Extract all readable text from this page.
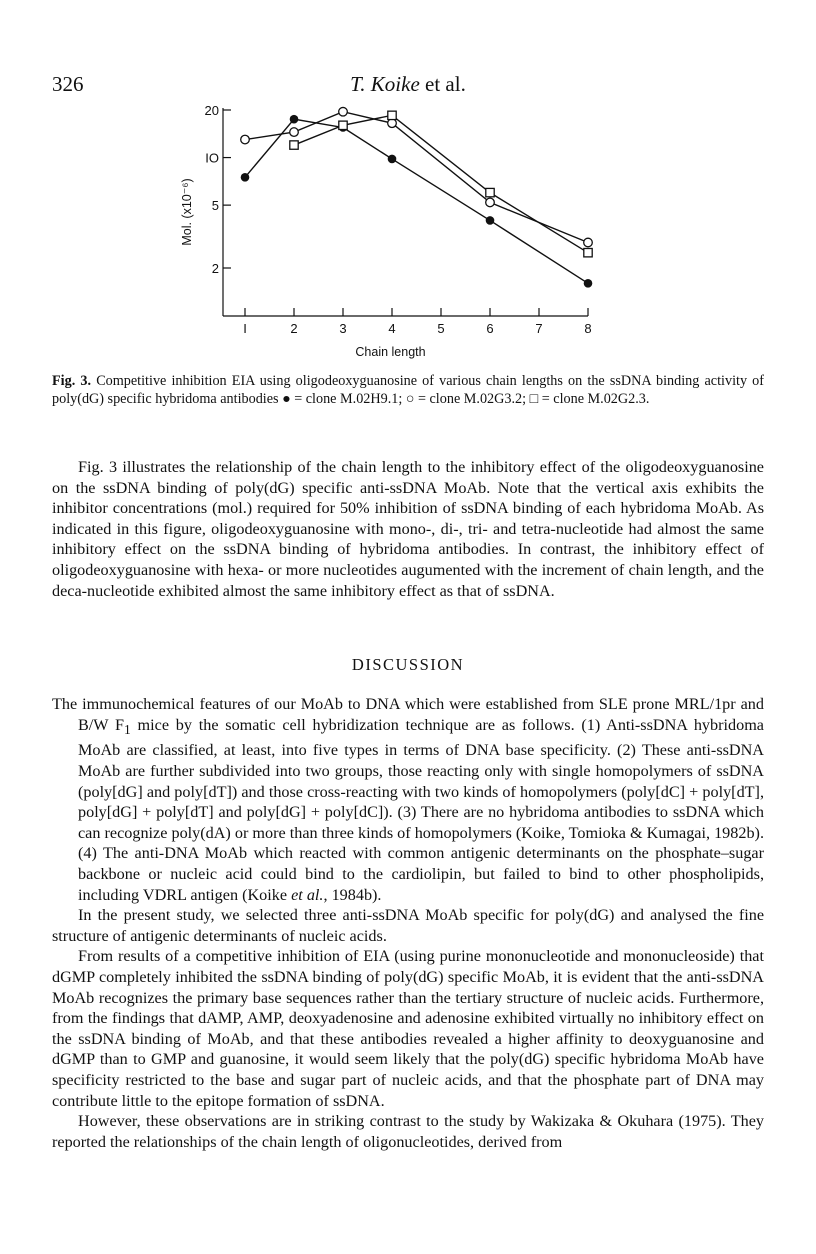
326	T. Koike et al.
2
5
IO
20
I	2	3	4	5	6	7	8
Chain length
Mol. (x10⁻⁶)
Fig. 3. Competitive inhibition EIA using oligodeoxyguanosine of various chain lengths on the ssDNA binding activity of poly(dG) specific hybridoma antibodies ● = clone M.02H9.1; ○ = clone M.02G3.2; □ = clone M.02G2.3.

Fig. 3 illustrates the relationship of the chain length to the inhibitory effect of the oligodeoxyguanosine on the ssDNA binding of poly(dG) specific anti-ssDNA MoAb. Note that the vertical axis exhibits the inhibitor concentrations (mol.) required for 50% inhibition of ssDNA binding of each hybridoma MoAb. As indicated in this figure, oligodeoxyguanosine with mono-, di-, tri- and tetra-nucleotide had almost the same inhibitory effect on the ssDNA binding of hybridoma antibodies. In contrast, the inhibitory effect of oligodeoxyguanosine with hexa- or more nucleotides augumented with the increment of chain length, and the deca-nucleotide exhibited almost the same inhibitory effect as that of ssDNA.

DISCUSSION

The immunochemical features of our MoAb to DNA which were established from SLE prone MRL/1pr and B/W $F_1$ mice by the somatic cell hybridization technique are as follows. (1) Anti-ssDNA hybridoma MoAb are classified, at least, into five types in terms of DNA base specificity. (2) These anti-ssDNA MoAb are further subdivided into two groups, those reacting only with single homopolymers of ssDNA (poly[dG] and poly[dT]) and those cross-reacting with two kinds of homopolymers (poly[dC] + poly[dT], poly[dG] + poly[dT] and poly[dG] + poly[dC]). (3) There are no hybridoma antibodies to ssDNA which can recognize poly(dA) or more than three kinds of homopolymers (Koike, Tomioka & Kumagai, 1982b). (4) The anti-DNA MoAb which reacted with common antigenic determinants on the phosphate–sugar backbone or nucleic acid could bind to the cardiolipin, but failed to bind to other phospholipids, including VDRL antigen (Koike et al., 1984b).

In the present study, we selected three anti-ssDNA MoAb specific for poly(dG) and analysed the fine structure of antigenic determinants of nucleic acids.

From results of a competitive inhibition of EIA (using purine mononucleotide and mononucleoside) that dGMP completely inhibited the ssDNA binding of poly(dG) specific MoAb, it is evident that the anti-ssDNA MoAb recognizes the primary base sequences rather than the tertiary structure of nucleic acids. Furthermore, from the findings that dAMP, AMP, deoxyadenosine and adenosine exhibited virtually no inhibitory effect on the ssDNA binding of MoAb, and that these antibodies revealed a higher affinity to deoxyguanosine and dGMP than to GMP and guanosine, it would seem likely that the poly(dG) specific hybridoma MoAb have specificity restricted to the base and sugar part of nucleic acids, and that the phosphate part of DNA may contribute little to the epitope formation of ssDNA.

However, these observations are in striking contrast to the study by Wakizaka & Okuhara (1975). They reported the relationships of the chain length of oligonucleotides, derived from
